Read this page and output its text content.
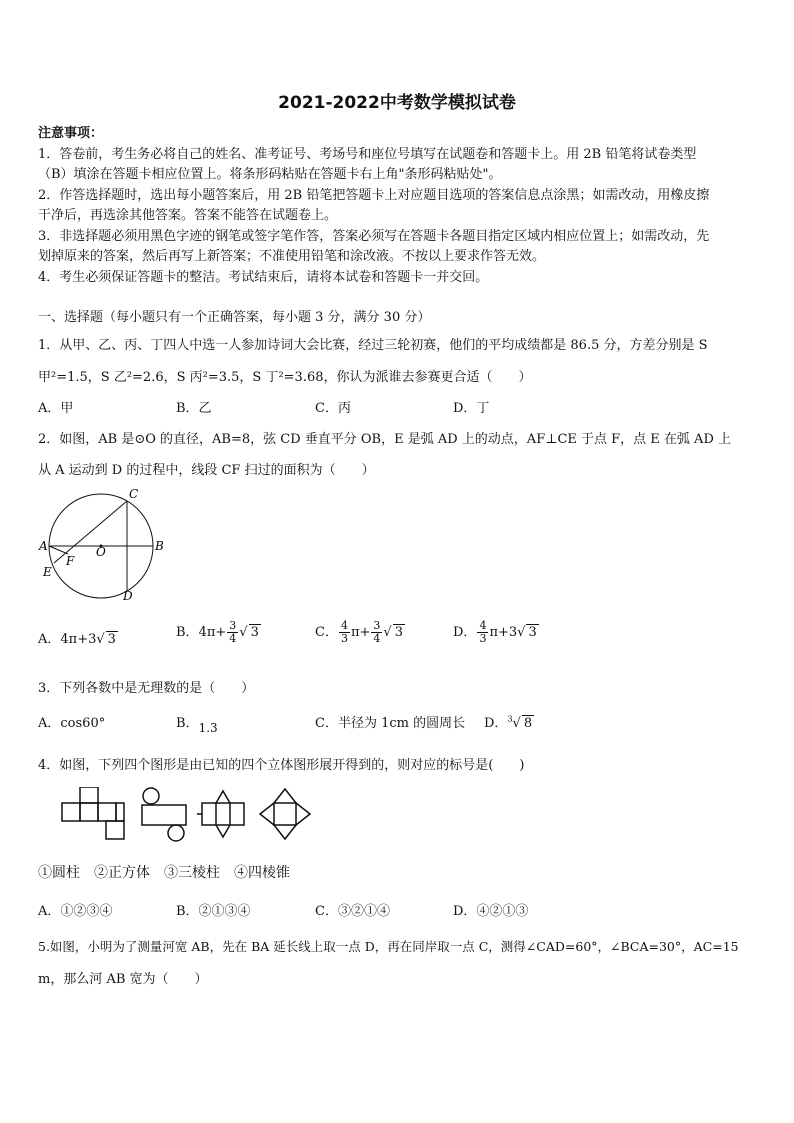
2021-2022中考数学模拟试卷
注意事项：
1．答卷前，考生务必将自己的姓名、准考证号、考场号和座位号填写在试题卷和答题卡上。用 2B 铅笔将试卷类型
（B）填涂在答题卡相应位置上。将条形码粘贴在答题卡右上角"条形码粘贴处"。
2．作答选择题时，选出每小题答案后，用 2B 铅笔把答题卡上对应题目选项的答案信息点涂黑；如需改动，用橡皮擦
干净后，再选涂其他答案。答案不能答在试题卷上。
3．非选择题必须用黑色字迹的钢笔或签字笔作答，答案必须写在答题卡各题目指定区域内相应位置上；如需改动，先
划掉原来的答案，然后再写上新答案；不准使用铅笔和涂改液。不按以上要求作答无效。
4．考生必须保证答题卡的整洁。考试结束后，请将本试卷和答题卡一并交回。
一、选择题（每小题只有一个正确答案，每小题 3 分，满分 30 分）
1．从甲、乙、丙、丁四人中选一人参加诗词大会比赛，经过三轮初赛，他们的平均成绩都是 86.5 分，方差分别是 S
甲²=1.5，S 乙²=2.6，S 丙²=3.5，S 丁²=3.68，你认为派谁去参赛更合适（　　）
A．甲	B．乙	C．丙	D．丁
2．如图，AB 是⊙O 的直径，AB=8，弦 CD 垂直平分 OB，E 是弧 AD 上的动点，AF⊥CE 于点 F，点 E 在弧 AD 上
从 A 运动到 D 的过程中，线段 CF 扫过的面积为（　　）
C
A	O	B
F
E
D
A．4π+3√ 3	B．$4\pi+ \frac{3}{4}$ √ 3	C． $\frac{4}{3} \pi+ \frac{3}{4}$ √ 3	D． $\frac{4}{3} \pi+3√$ 3
3．下列各数中是无理数的是（　　）
A．cos60°	B．1.3	C．半径为 1cm 的圆周长 D．$^3$√ 8
4．如图，下列四个图形是由已知的四个立体图形展开得到的，则对应的标号是(　　)
①圆柱　②正方体　③三棱柱　④四棱锥
A．①②③④	B．②①③④	C．③②①④	D．④②①③
5.如图，小明为了测量河宽 AB，先在 BA 延长线上取一点 D，再在同岸取一点 C，测得∠CAD=60°，∠BCA=30°，AC=15
m，那么河 AB 宽为（　　）
